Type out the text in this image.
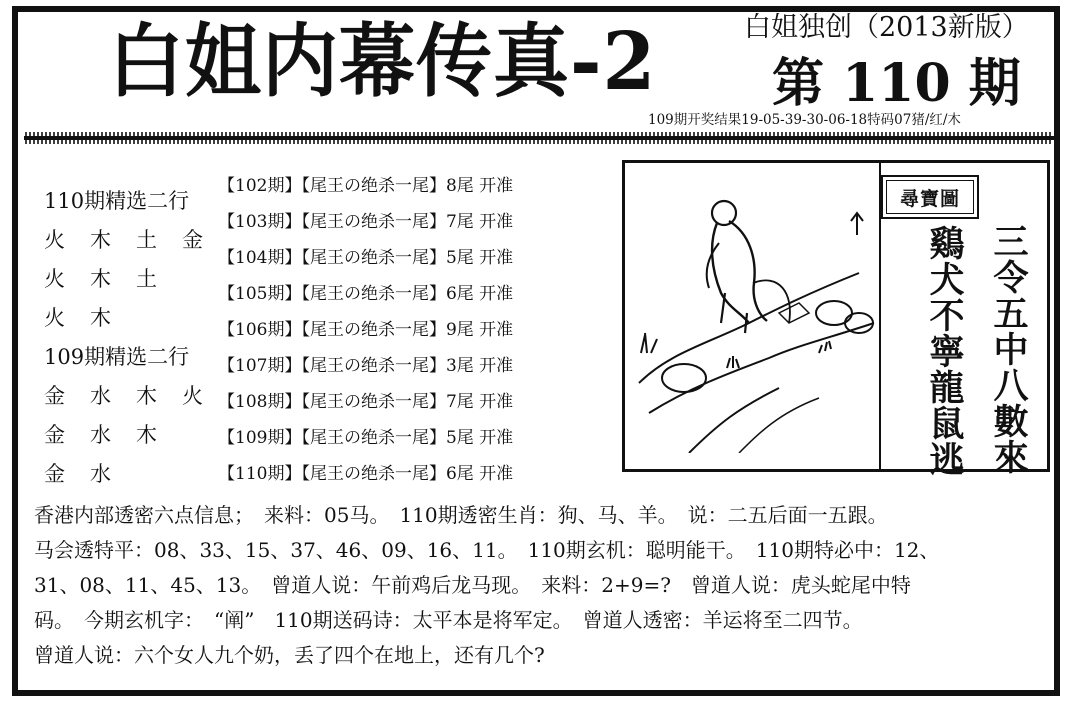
白姐内幕传真-2	白姐独创（2013新版）
第 110 期
109期开奖结果19-05-39-30-06-18特码07猪/红/木
110期精选二行
火 木 土 金
火 木 土
火 木
109期精选二行
金 水 木 火
金 水 木
金 水
【102期】【尾王の绝杀一尾】8尾 开准
【103期】【尾王の绝杀一尾】7尾 开准
【104期】【尾王の绝杀一尾】5尾 开准
【105期】【尾王の绝杀一尾】6尾 开准
【106期】【尾王の绝杀一尾】9尾 开准
【107期】【尾王の绝杀一尾】3尾 开准
【108期】【尾王の绝杀一尾】7尾 开准
【109期】【尾王の绝杀一尾】5尾 开准
【110期】【尾王の绝杀一尾】6尾 开准
尋寶圖
三令五中八數來
鷄犬不寧龍鼠逃

香港内部透密六点信息；　来料：05马。　110期透密生肖：狗、马、羊。　说：二五后面一五跟。

马会透特平：08、33、15、37、46、09、16、11。　110期玄机：聪明能干。　110期特必中：12、

31、08、11、45、13。　曾道人说：午前鸡后龙马现。　来料：2+9=?　曾道人说：虎头蛇尾中特

码。　今期玄机字：　“阐”　110期送码诗：太平本是将军定。　曾道人透密：羊运将至二四节。

曾道人说：六个女人九个奶，丢了四个在地上，还有几个?
